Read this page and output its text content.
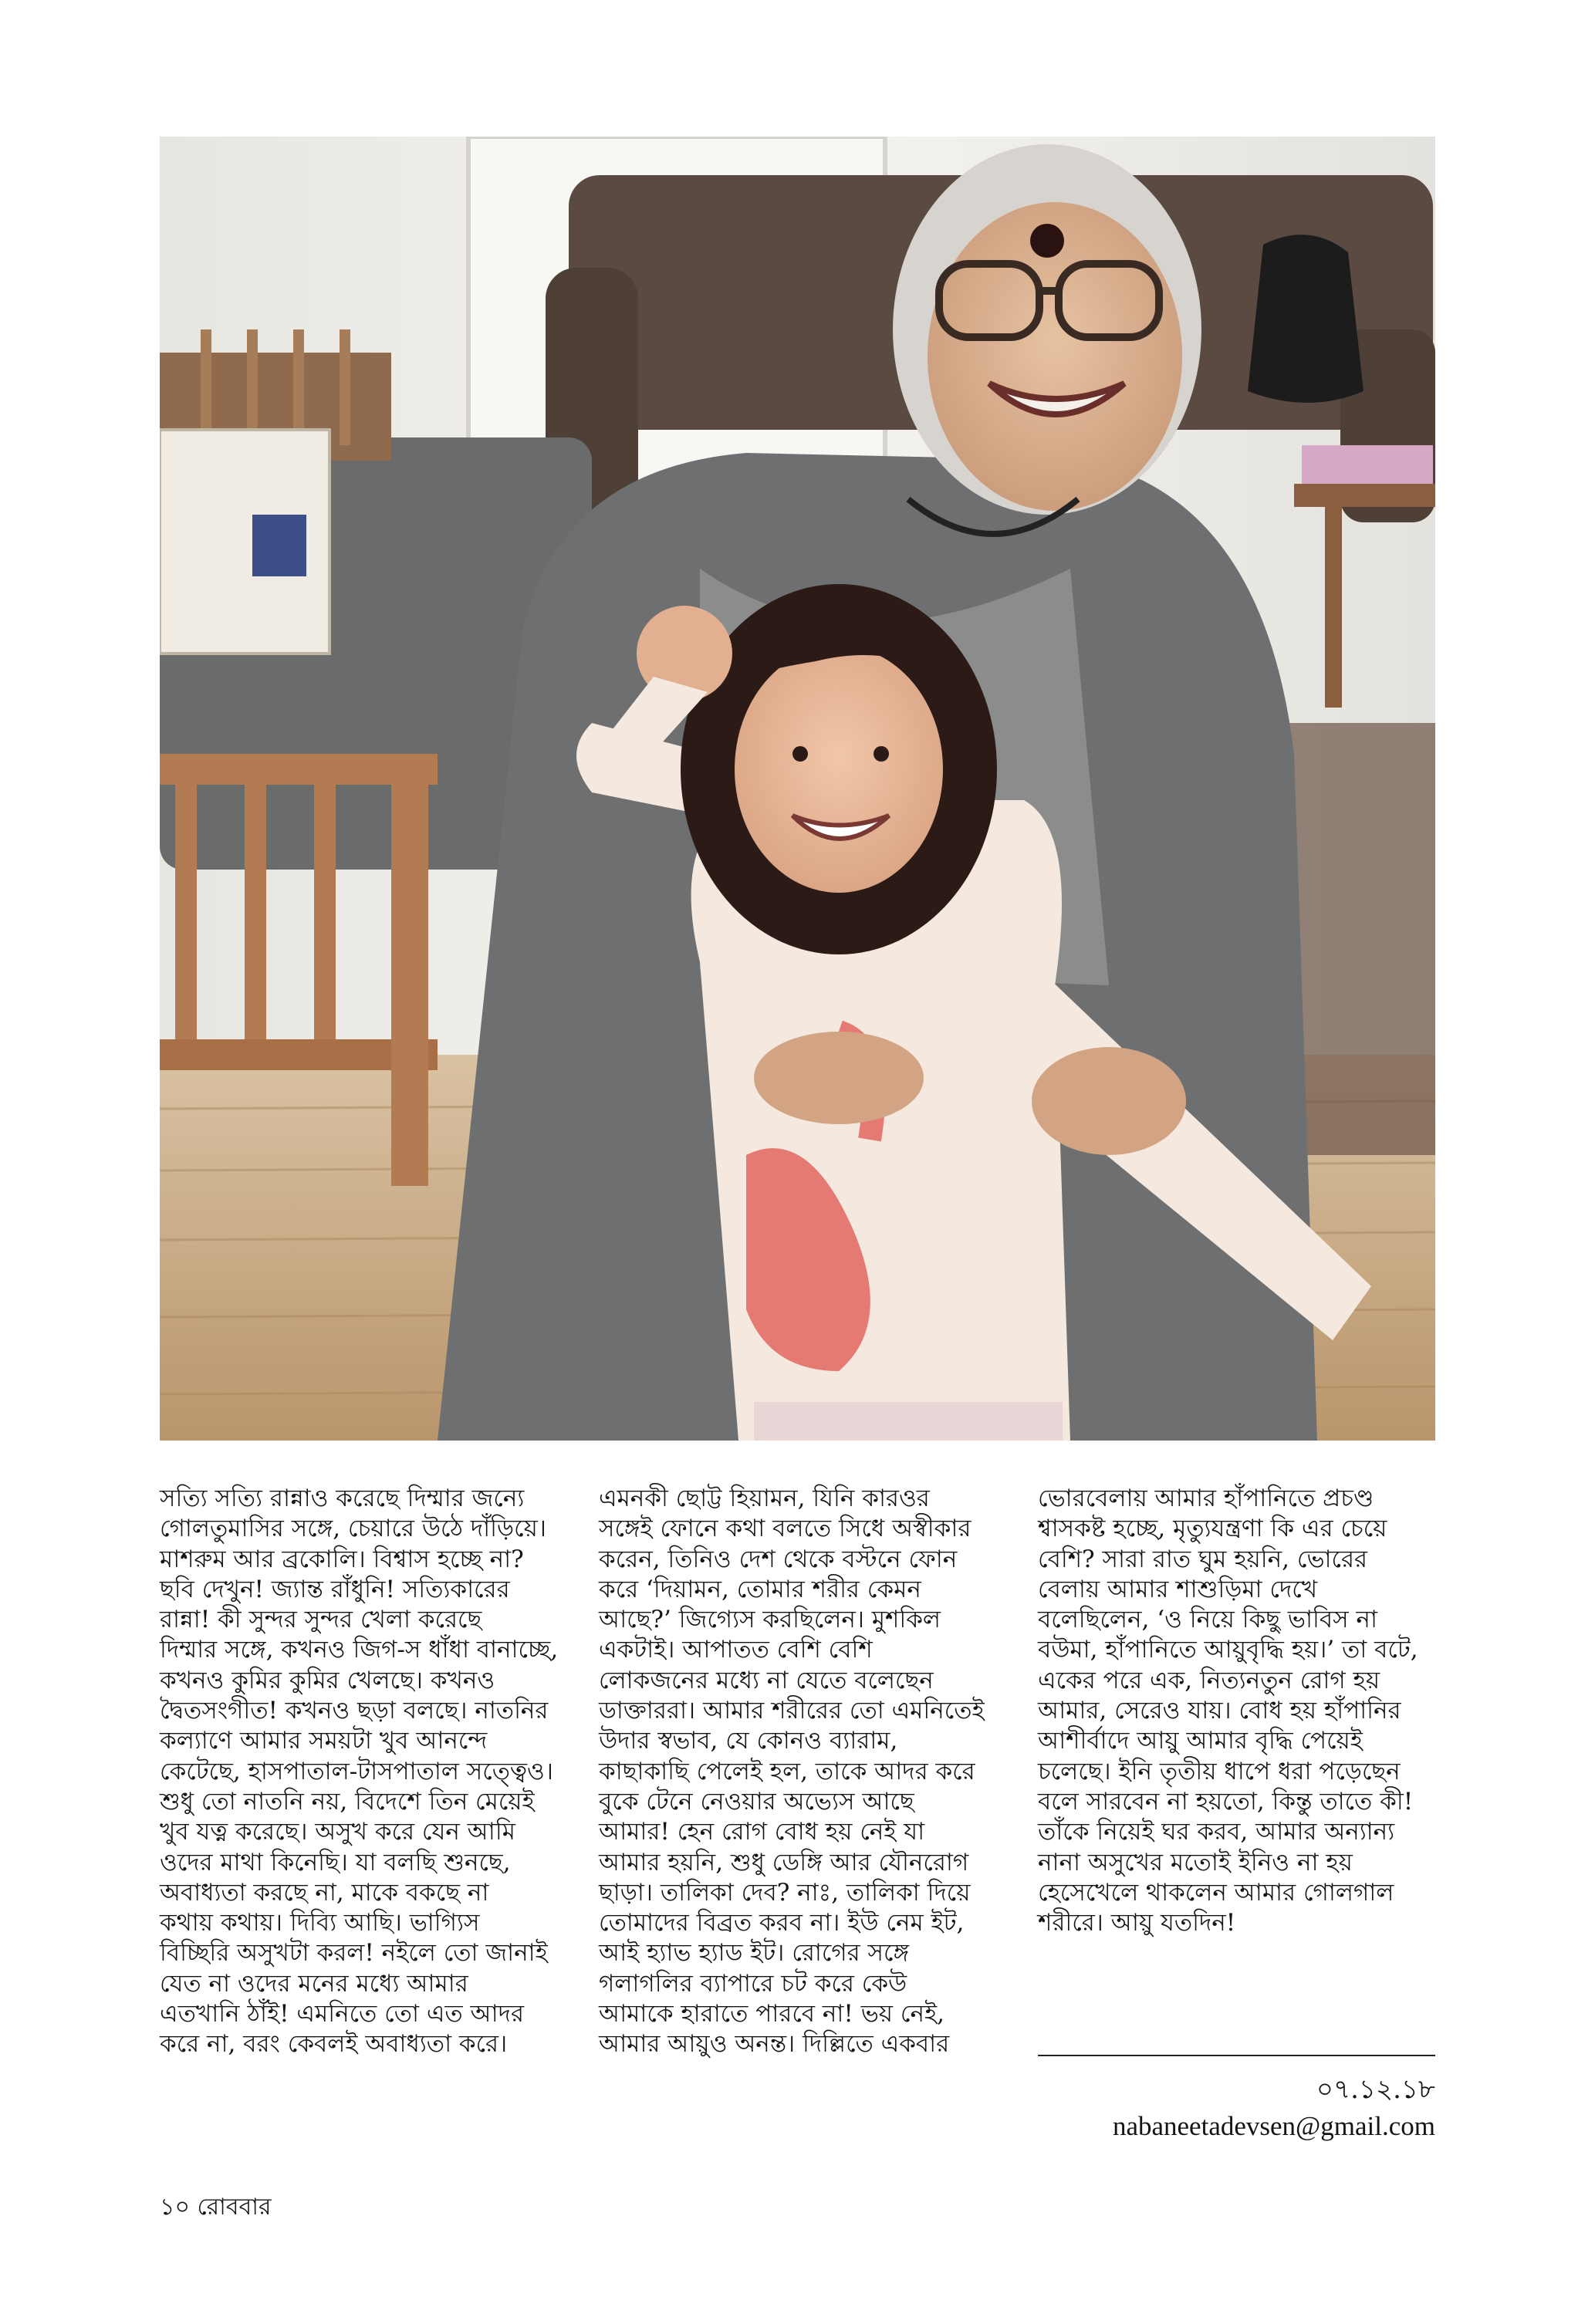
সত্যি সত্যি রান্নাও করেছে দিম্মার জন্যে

গোলতুমাসির সঙ্গে, চেয়ারে উঠে দাঁড়িয়ে।

মাশরুম আর ব্রকোলি। বিশ্বাস হচ্ছে না?

ছবি দেখুন! জ্যান্ত রাঁধুনি! সত্যিকারের

রান্না! কী সুন্দর সুন্দর খেলা করেছে

দিম্মার সঙ্গে, কখনও জিগ-স ধাঁধা বানাচ্ছে,

কখনও কুমির কুমির খেলছে। কখনও

দ্বৈতসংগীত! কখনও ছড়া বলছে। নাতনির

কল্যাণে আমার সময়টা খুব আনন্দে

কেটেছে, হাসপাতাল-টাসপাতাল সত্ত্বেও।

শুধু তো নাতনি নয়, বিদেশে তিন মেয়েই

খুব যত্ন করেছে। অসুখ করে যেন আমি

ওদের মাথা কিনেছি। যা বলছি শুনছে,

অবাধ্যতা করছে না, মাকে বকছে না

কথায় কথায়। দিব্যি আছি। ভাগ্যিস

বিচ্ছিরি অসুখটা করল! নইলে তো জানাই

যেত না ওদের মনের মধ্যে আমার

এতখানি ঠাঁই! এমনিতে তো এত আদর

করে না, বরং কেবলই অবাধ্যতা করে।

এমনকী ছোট্ট হিয়ামন, যিনি কারওর

সঙ্গেই ফোনে কথা বলতে সিধে অস্বীকার

করেন, তিনিও দেশ থেকে বস্টনে ফোন

করে ‘দিয়ামন, তোমার শরীর কেমন

আছে?’ জিগ্যেস করছিলেন। মুশকিল

একটাই। আপাতত বেশি বেশি

লোকজনের মধ্যে না যেতে বলেছেন

ডাক্তাররা। আমার শরীরের তো এমনিতেই

উদার স্বভাব, যে কোনও ব্যারাম,

কাছাকাছি পেলেই হল, তাকে আদর করে

বুকে টেনে নেওয়ার অভ্যেস আছে

আমার! হেন রোগ বোধ হয় নেই যা

আমার হয়নি, শুধু ডেঙ্গি আর যৌনরোগ

ছাড়া। তালিকা দেব? নাঃ, তালিকা দিয়ে

তোমাদের বিব্রত করব না। ইউ নেম ইট,

আই হ্যাভ হ্যাড ইট। রোগের সঙ্গে

গলাগলির ব্যাপারে চট করে কেউ

আমাকে হারাতে পারবে না! ভয় নেই,

আমার আয়ুও অনন্ত। দিল্লিতে একবার

ভোরবেলায় আমার হাঁপানিতে প্রচণ্ড

শ্বাসকষ্ট হচ্ছে, মৃত্যুযন্ত্রণা কি এর চেয়ে

বেশি? সারা রাত ঘুম হয়নি, ভোরের

বেলায় আমার শাশুড়িমা দেখে

বলেছিলেন, ‘ও নিয়ে কিছু ভাবিস না

বউমা, হাঁপানিতে আয়ুবৃদ্ধি হয়।’ তা বটে,

একের পরে এক, নিত্যনতুন রোগ হয়

আমার, সেরেও যায়। বোধ হয় হাঁপানির

আশীর্বাদে আয়ু আমার বৃদ্ধি পেয়েই

চলেছে। ইনি তৃতীয় ধাপে ধরা পড়েছেন

বলে সারবেন না হয়তো, কিন্তু তাতে কী!

তাঁকে নিয়েই ঘর করব, আমার অন্যান্য

নানা অসুখের মতোই ইনিও না হয়

হেসেখেলে থাকলেন আমার গোলগাল

শরীরে। আয়ু যতদিন!

০৭.১২.১৮
nabaneetadevsen@gmail.com
১০ রোববার
